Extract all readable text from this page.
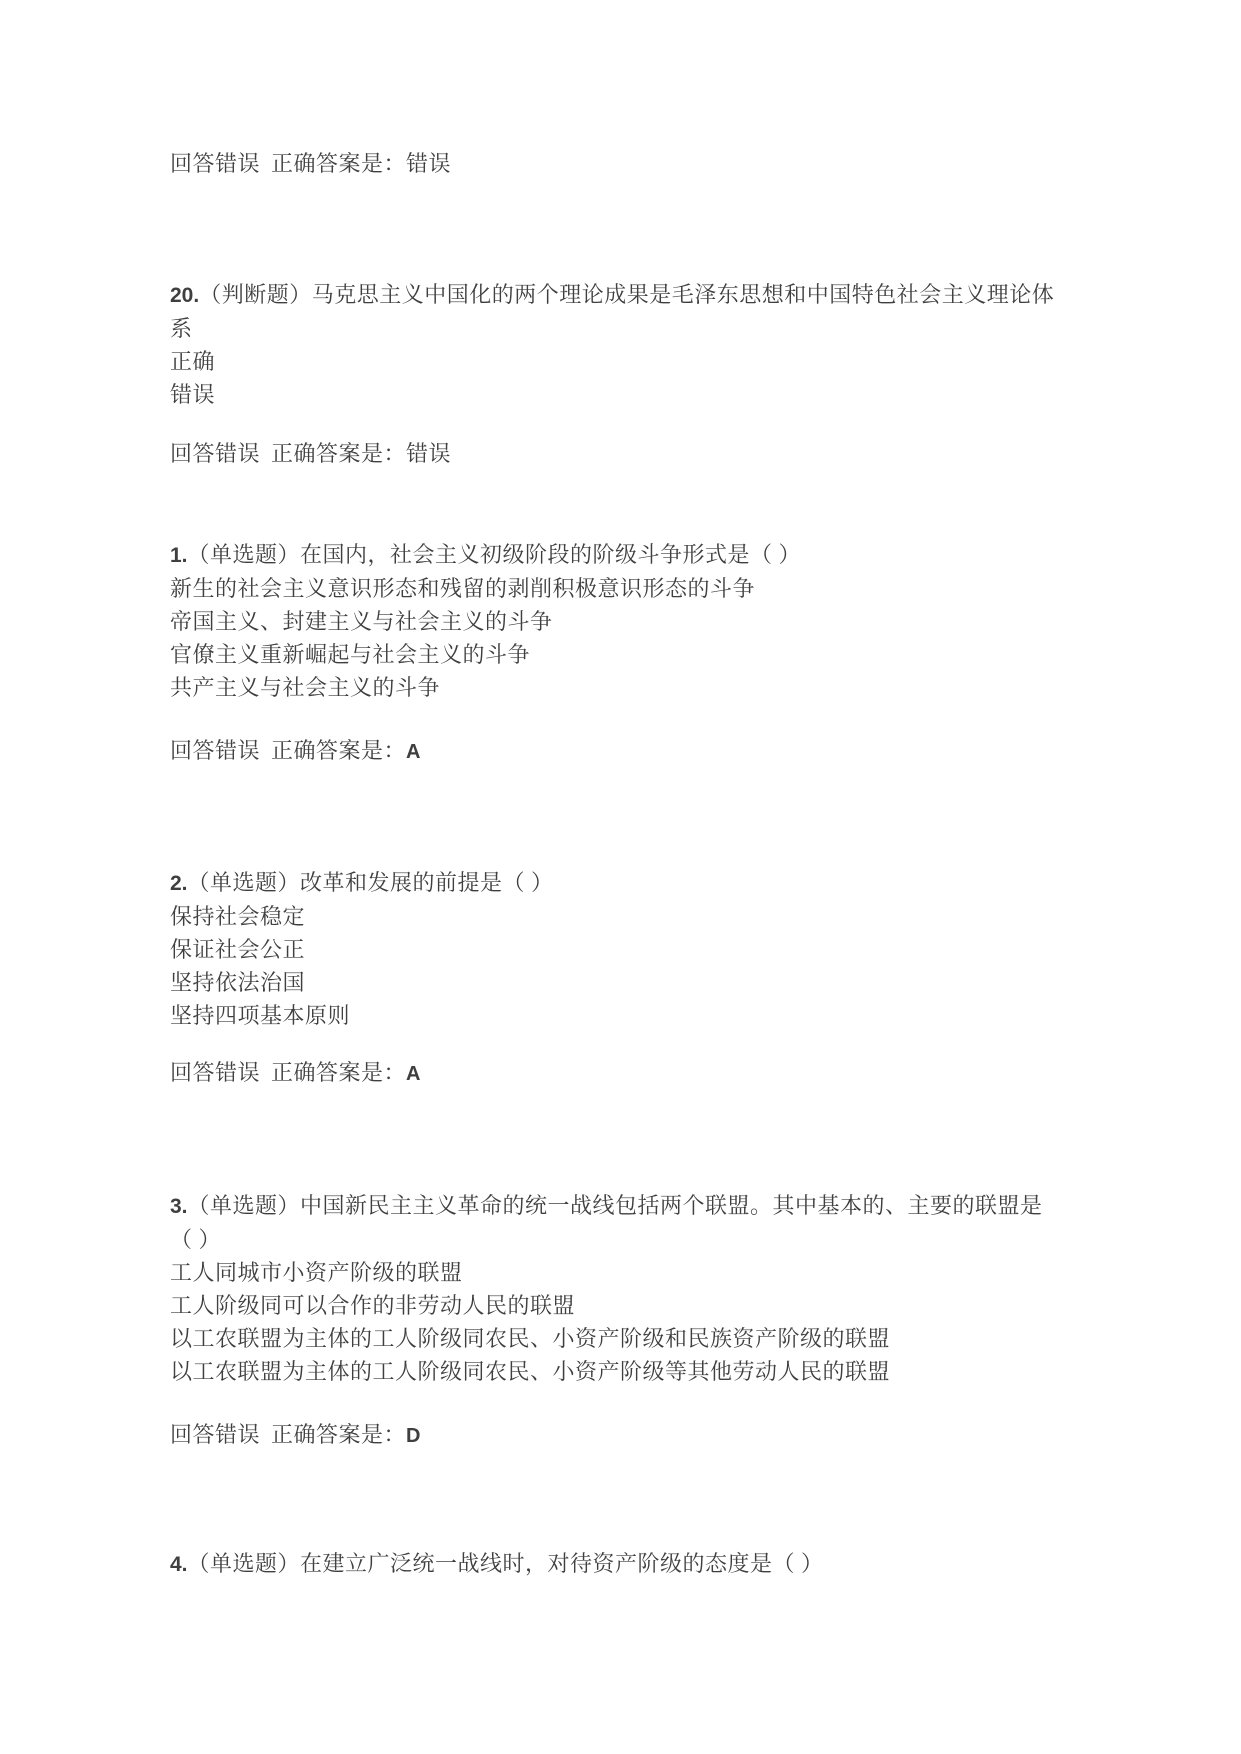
回答错误 正确答案是：错误

20.（判断题）马克思主义中国化的两个理论成果是毛泽东思想和中国特色社会主义理论体系

正确

错误

回答错误 正确答案是：错误

1.（单选题）在国内，社会主义初级阶段的阶级斗争形式是（ ）

新生的社会主义意识形态和残留的剥削积极意识形态的斗争

帝国主义、封建主义与社会主义的斗争

官僚主义重新崛起与社会主义的斗争

共产主义与社会主义的斗争

回答错误 正确答案是：A

2.（单选题）改革和发展的前提是（ ）

保持社会稳定

保证社会公正

坚持依法治国

坚持四项基本原则

回答错误 正确答案是：A

3.（单选题）中国新民主主义革命的统一战线包括两个联盟。其中基本的、主要的联盟是（ ）

工人同城市小资产阶级的联盟

工人阶级同可以合作的非劳动人民的联盟

以工农联盟为主体的工人阶级同农民、小资产阶级和民族资产阶级的联盟

以工农联盟为主体的工人阶级同农民、小资产阶级等其他劳动人民的联盟

回答错误 正确答案是：D

4.（单选题）在建立广泛统一战线时，对待资产阶级的态度是（ ）
